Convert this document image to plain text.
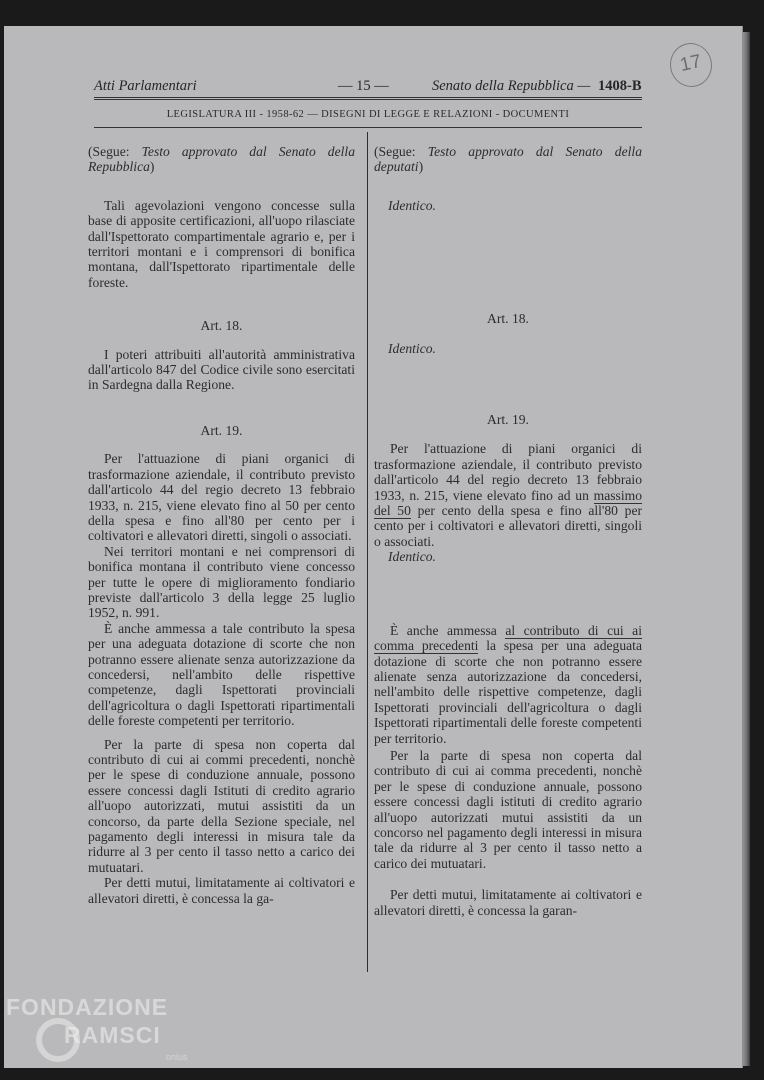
Atti Parlamentari	— 15 —	Senato della Repubblica — 1408-B
17
LEGISLATURA III - 1958-62 — DISEGNI DI LEGGE E RELAZIONI - DOCUMENTI

(Segue: Testo approvato dal Senato della Repubblica)

Tali agevolazioni vengono concesse sulla base di apposite certificazioni, all'uopo rilasciate dall'Ispettorato compartimentale agrario e, per i territori montani e i comprensori di bonifica montana, dall'Ispettorato ripartimentale delle foreste.

Art. 18.

I poteri attribuiti all'autorità amministrativa dall'articolo 847 del Codice civile sono esercitati in Sardegna dalla Regione.

Art. 19.

Per l'attuazione di piani organici di trasformazione aziendale, il contributo previsto dall'articolo 44 del regio decreto 13 febbraio 1933, n. 215, viene elevato fino al 50 per cento della spesa e fino all'80 per cento per i coltivatori e allevatori diretti, singoli o associati.

Nei territori montani e nei comprensori di bonifica montana il contributo viene concesso per tutte le opere di miglioramento fondiario previste dall'articolo 3 della legge 25 luglio 1952, n. 991.

È anche ammessa a tale contributo la spesa per una adeguata dotazione di scorte che non potranno essere alienate senza autorizzazione da concedersi, nell'ambito delle rispettive competenze, dagli Ispettorati provinciali dell'agricoltura o dagli Ispettorati ripartimentali delle foreste competenti per territorio.

Per la parte di spesa non coperta dal contributo di cui ai commi precedenti, nonchè per le spese di conduzione annuale, possono essere concessi dagli Istituti di credito agrario all'uopo autorizzati, mutui assistiti da un concorso, da parte della Sezione speciale, nel pagamento degli interessi in misura tale da ridurre al 3 per cento il tasso netto a carico dei mutuatari.

Per detti mutui, limitatamente ai coltivatori e allevatori diretti, è concessa la ga-

(Segue: Testo approvato dal Senato della deputati)

Identico.

Art. 18.

Identico.

Art. 19.

Per l'attuazione di piani organici di trasformazione aziendale, il contributo previsto dall'articolo 44 del regio decreto 13 febbraio 1933, n. 215, viene elevato fino ad un massimo del 50 per cento della spesa e fino all'80 per cento per i coltivatori e allevatori diretti, singoli o associati.

Identico.

È anche ammessa al contributo di cui ai comma precedenti la spesa per una adeguata dotazione di scorte che non potranno essere alienate senza autorizzazione da concedersi, nell'ambito delle rispettive competenze, dagli Ispettorati provinciali dell'agricoltura o dagli Ispettorati ripartimentali delle foreste competenti per territorio.

Per la parte di spesa non coperta dal contributo di cui ai comma precedenti, nonchè per le spese di conduzione annuale, possono essere concessi dagli istituti di credito agrario all'uopo autorizzati mutui assistiti da un concorso nel pagamento degli interessi in misura tale da ridurre al 3 per cento il tasso netto a carico dei mutuatari.

Per detti mutui, limitatamente ai coltivatori e allevatori diretti, è concessa la garan-

FONDAZIONE
RAMSCI
onlus
